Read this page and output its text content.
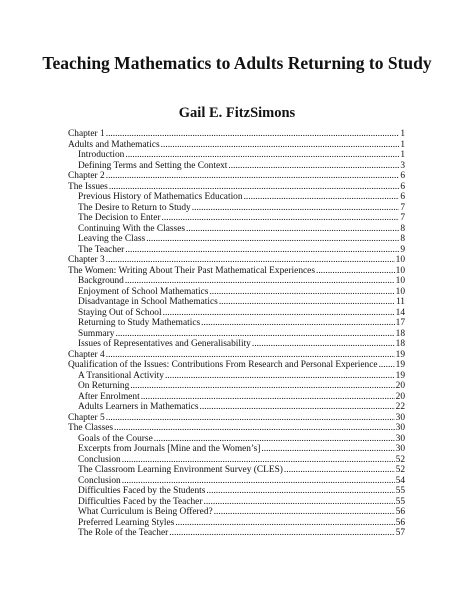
Teaching Mathematics to Adults Returning to Study
Gail E. FitzSimons
Chapter 1 .....	1
Adults and Mathematics .....	1
Introduction .....	1
Defining Terms and Setting the Context .....	3
Chapter 2 .....	6
The Issues .....	6
Previous History of Mathematics Education .....	6
The Desire to Return to Study .....	7
The Decision to Enter .....	7
Continuing With the Classes .....	8
Leaving the Class .....	8
The Teacher .....	9
Chapter 3 .....	10
The Women: Writing About Their Past Mathematical Experiences .....	10
Background .....	10
Enjoyment of School Mathematics .....	10
Disadvantage in School Mathematics .....	11
Staying Out of School .....	14
Returning to Study Mathematics .....	17
Summary .....	18
Issues of Representatives and Generalisability .....	18
Chapter 4 .....	19
Qualification of the Issues: Contributions From Research and Personal Experience ..... 19
A Transitional Activity .....	19
On Returning .....	20
After Enrolment .....	20
Adults Learners in Mathematics .....	22
Chapter 5 .....	30
The Classes .....	30
Goals of the Course .....	30
Excerpts from Journals [Mine and the Women’s] .....	30
Conclusion .....	52
The Classroom Learning Environment Survey (CLES) .....	52
Conclusion .....	54
Difficulties Faced by the Students .....	55
Difficulties Faced by the Teacher .....	55
What Curriculum is Being Offered? .....	56
Preferred Learning Styles .....	56
The Role of the Teacher .....	57
